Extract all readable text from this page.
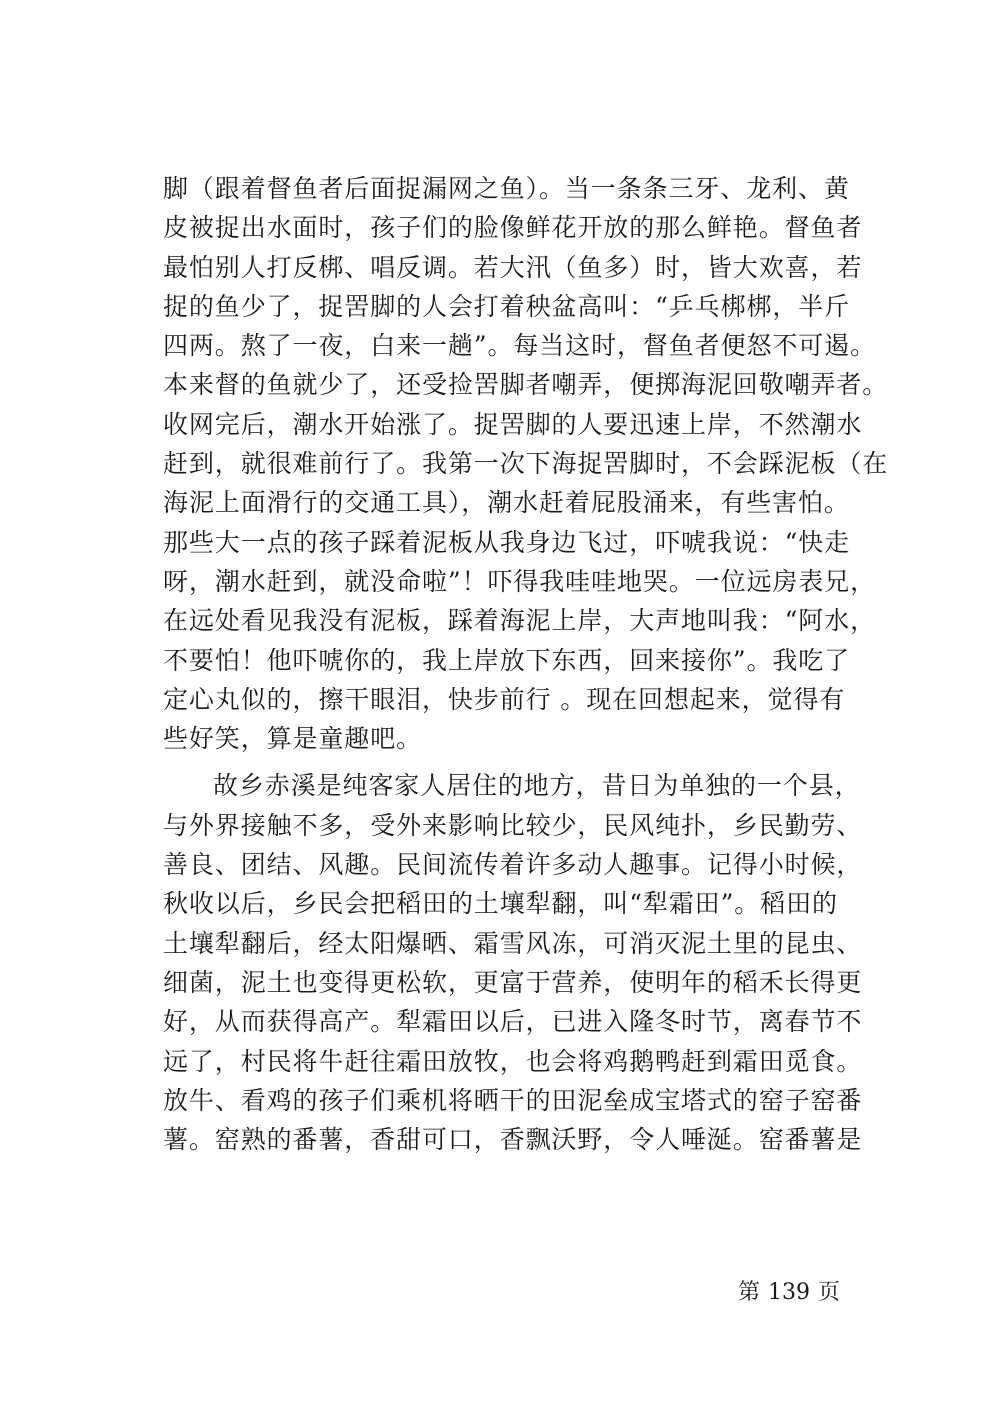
脚（跟着督鱼者后面捉漏网之鱼）。当一条条三牙、龙利、黄
皮被捉出水面时，孩子们的脸像鲜花开放的那么鲜艳。督鱼者
最怕别人打反梆、唱反调。若大汛（鱼多）时，皆大欢喜，若
捉的鱼少了，捉罟脚的人会打着秧盆高叫：“乒乓梆梆，半斤
四两。熬了一夜，白来一趟”。每当这时，督鱼者便怒不可遏。
本来督的鱼就少了，还受捡罟脚者嘲弄，便掷海泥回敬嘲弄者。
收网完后，潮水开始涨了。捉罟脚的人要迅速上岸，不然潮水
赶到，就很难前行了。我第一次下海捉罟脚时，不会踩泥板（在
海泥上面滑行的交通工具），潮水赶着屁股涌来，有些害怕。
那些大一点的孩子踩着泥板从我身边飞过，吓唬我说：“快走
呀，潮水赶到，就没命啦”！吓得我哇哇地哭。一位远房表兄，
在远处看见我没有泥板，踩着海泥上岸，大声地叫我：“阿水，
不要怕！他吓唬你的，我上岸放下东西，回来接你”。我吃了
定心丸似的，擦干眼泪，快步前行 。现在回想起来，觉得有
些好笑，算是童趣吧。
故乡赤溪是纯客家人居住的地方，昔日为单独的一个县，
与外界接触不多，受外来影响比较少，民风纯扑，乡民勤劳、
善良、团结、风趣。民间流传着许多动人趣事。记得小时候，
秋收以后，乡民会把稻田的土壤犁翻，叫“犁霜田”。稻田的
土壤犁翻后，经太阳爆晒、霜雪风冻，可消灭泥土里的昆虫、
细菌，泥土也变得更松软，更富于营养，使明年的稻禾长得更
好，从而获得高产。犁霜田以后，已进入隆冬时节，离春节不
远了，村民将牛赶往霜田放牧，也会将鸡鹅鸭赶到霜田觅食。
放牛、看鸡的孩子们乘机将晒干的田泥垒成宝塔式的窑子窑番
薯。窑熟的番薯，香甜可口，香飘沃野，令人唾涎。窑番薯是
第 139 页
